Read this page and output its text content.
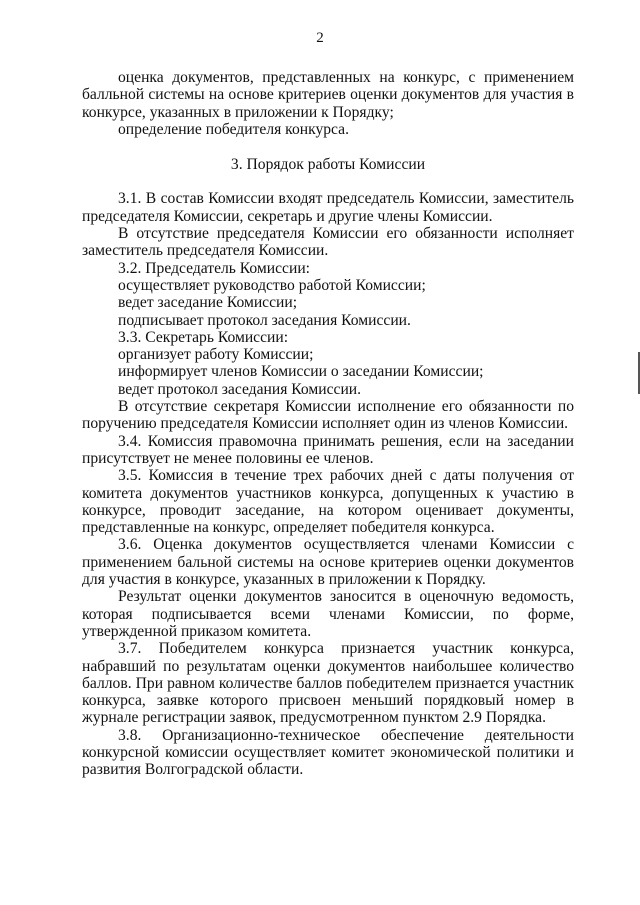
2

оценка документов, представленных на конкурс, с применением балльной системы на основе критериев оценки документов для участия в конкурсе, указанных в приложении к Порядку;

определение победителя конкурса.

3. Порядок работы Комиссии

3.1. В состав Комиссии входят председатель Комиссии, заместитель председателя Комиссии, секретарь и другие члены Комиссии.

В отсутствие председателя Комиссии его обязанности исполняет заместитель председателя Комиссии.

3.2. Председатель Комиссии:

осуществляет руководство работой Комиссии;

ведет заседание Комиссии;

подписывает протокол заседания Комиссии.

3.3. Секретарь Комиссии:

организует работу Комиссии;

информирует членов Комиссии о заседании Комиссии;

ведет протокол заседания Комиссии.

В отсутствие секретаря Комиссии исполнение его обязанности по поручению председателя Комиссии исполняет один из членов Комиссии.

3.4. Комиссия правомочна принимать решения, если на заседании присутствует не менее половины ее членов.

3.5. Комиссия в течение трех рабочих дней с даты получения от комитета документов участников конкурса, допущенных к участию в конкурсе, проводит заседание, на котором оценивает документы, представленные на конкурс, определяет победителя конкурса.

3.6. Оценка документов осуществляется членами Комиссии с применением бальной системы на основе критериев оценки документов для участия в конкурсе, указанных в приложении к Порядку.

Результат оценки документов заносится в оценочную ведомость, которая подписывается всеми членами Комиссии, по форме, утвержденной приказом комитета.

3.7. Победителем конкурса признается участник конкурса, набравший по результатам оценки документов наибольшее количество баллов. При равном количестве баллов победителем признается участник конкурса, заявке которого присвоен меньший порядковый номер в журнале регистрации заявок, предусмотренном пунктом 2.9 Порядка.

3.8. Организационно-техническое обеспечение деятельности конкурсной комиссии осуществляет комитет экономической политики и развития Волгоградской области.
